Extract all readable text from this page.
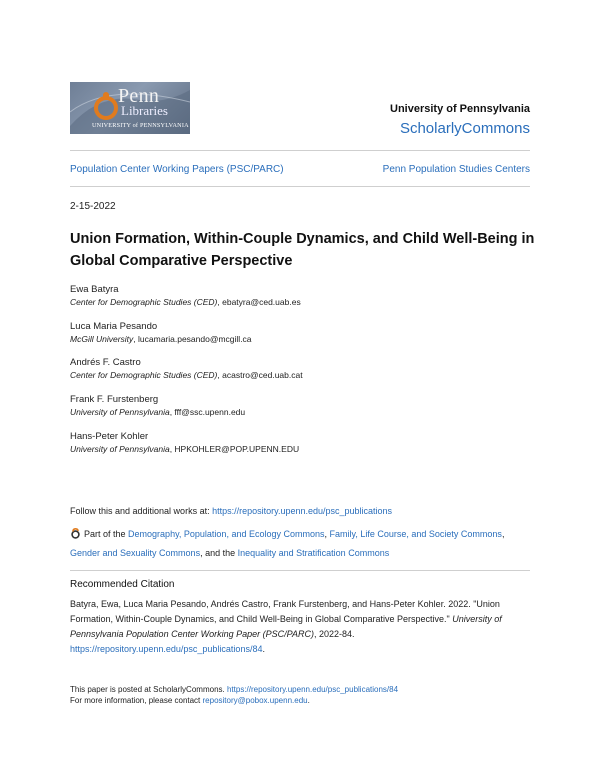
Penn
Libraries
UNIVERSITY of PENNSYLVANIA
University of Pennsylvania
ScholarlyCommons
Population Center Working Papers (PSC/PARC)	Penn Population Studies Centers
2-15-2022
Union Formation, Within-Couple Dynamics, and Child Well-Being in Global Comparative Perspective
Ewa Batyra
Center for Demographic Studies (CED), ebatyra@ced.uab.es
Luca Maria Pesando
McGill University, lucamaria.pesando@mcgill.ca
Andrés F. Castro
Center for Demographic Studies (CED), acastro@ced.uab.cat
Frank F. Furstenberg
University of Pennsylvania, fff@ssc.upenn.edu
Hans-Peter Kohler
University of Pennsylvania, HPKOHLER@POP.UPENN.EDU
Follow this and additional works at: https://repository.upenn.edu/psc_publications
Part of the Demography, Population, and Ecology Commons, Family, Life Course, and Society Commons, Gender and Sexuality Commons, and the Inequality and Stratification Commons
Recommended Citation
Batyra, Ewa, Luca Maria Pesando, Andrés Castro, Frank Furstenberg, and Hans-Peter Kohler. 2022. "Union Formation, Within-Couple Dynamics, and Child Well-Being in Global Comparative Perspective." University of Pennsylvania Population Center Working Paper (PSC/PARC), 2022-84. https://repository.upenn.edu/psc_publications/84.
This paper is posted at ScholarlyCommons. https://repository.upenn.edu/psc_publications/84
For more information, please contact repository@pobox.upenn.edu.
